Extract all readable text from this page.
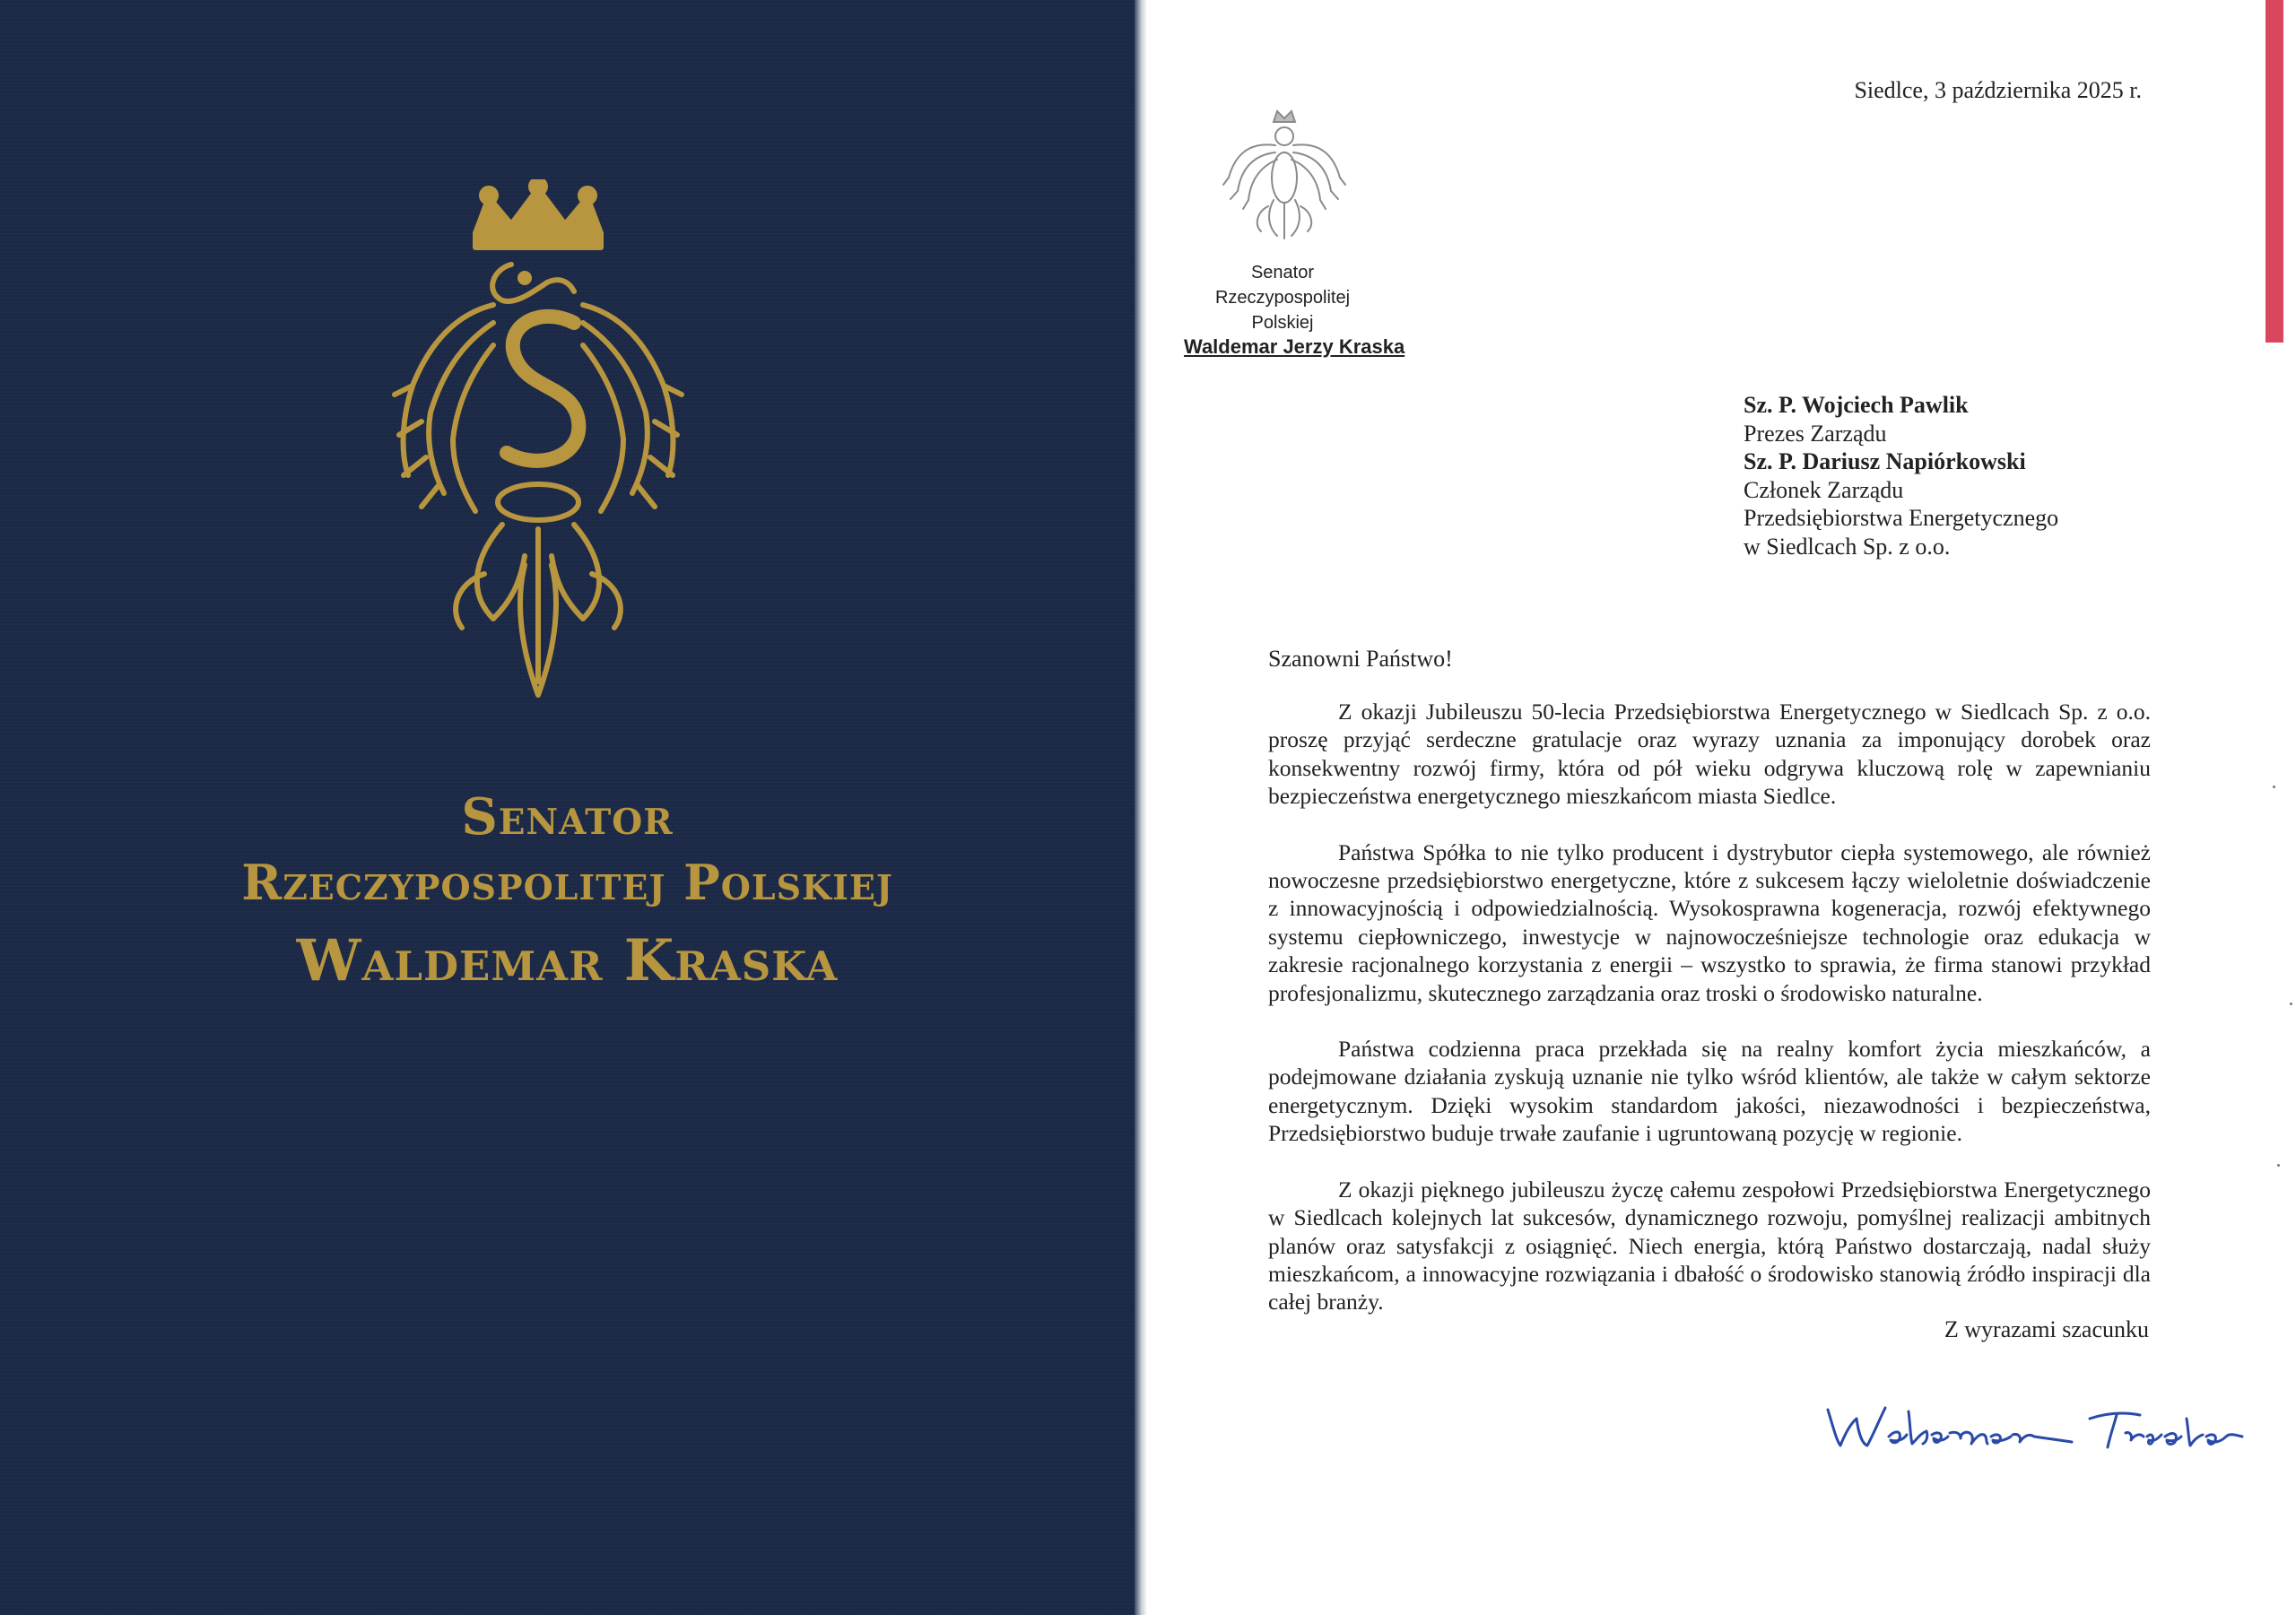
Senator
Rzeczypospolitej Polskiej
Waldemar Kraska
Siedlce, 3 października 2025 r.
Senator
Rzeczypospolitej Polskiej
Waldemar Jerzy Kraska
Sz. P. Wojciech Pawlik
Prezes Zarządu
Sz. P. Dariusz Napiórkowski
Członek Zarządu
Przedsiębiorstwa Energetycznego
w Siedlcach Sp. z o.o.
Szanowni Państwo!

Z okazji Jubileuszu 50-lecia Przedsiębiorstwa Energetycznego w Siedlcach Sp. z o.o. proszę przyjąć serdeczne gratulacje oraz wyrazy uznania za imponujący dorobek oraz konsekwentny rozwój firmy, która od pół wieku odgrywa kluczową rolę w zapewnianiu bezpieczeństwa energetycznego mieszkańcom miasta Siedlce.

Państwa Spółka to nie tylko producent i dystrybutor ciepła systemowego, ale również nowoczesne przedsiębiorstwo energetyczne, które z sukcesem łączy wieloletnie doświadczenie z innowacyjnością i odpowiedzialnością. Wysokosprawna kogeneracja, rozwój efektywnego systemu ciepłowniczego, inwestycje w najnowocześniejsze technologie oraz edukacja w zakresie racjonalnego korzystania z energii – wszystko to sprawia, że firma stanowi przykład profesjonalizmu, skutecznego zarządzania oraz troski o środowisko naturalne.

Państwa codzienna praca przekłada się na realny komfort życia mieszkańców, a podejmowane działania zyskują uznanie nie tylko wśród klientów, ale także w całym sektorze energetycznym. Dzięki wysokim standardom jakości, niezawodności i bezpieczeństwa, Przedsiębiorstwo buduje trwałe zaufanie i ugruntowaną pozycję w regionie.

Z okazji pięknego jubileuszu życzę całemu zespołowi Przedsiębiorstwa Energetycznego w Siedlcach kolejnych lat sukcesów, dynamicznego rozwoju, pomyślnej realizacji ambitnych planów oraz satysfakcji z osiągnięć. Niech energia, którą Państwo dostarczają, nadal służy mieszkańcom, a innowacyjne rozwiązania i dbałość o środowisko stanowią źródło inspiracji dla całej branży.

Z wyrazami szacunku
